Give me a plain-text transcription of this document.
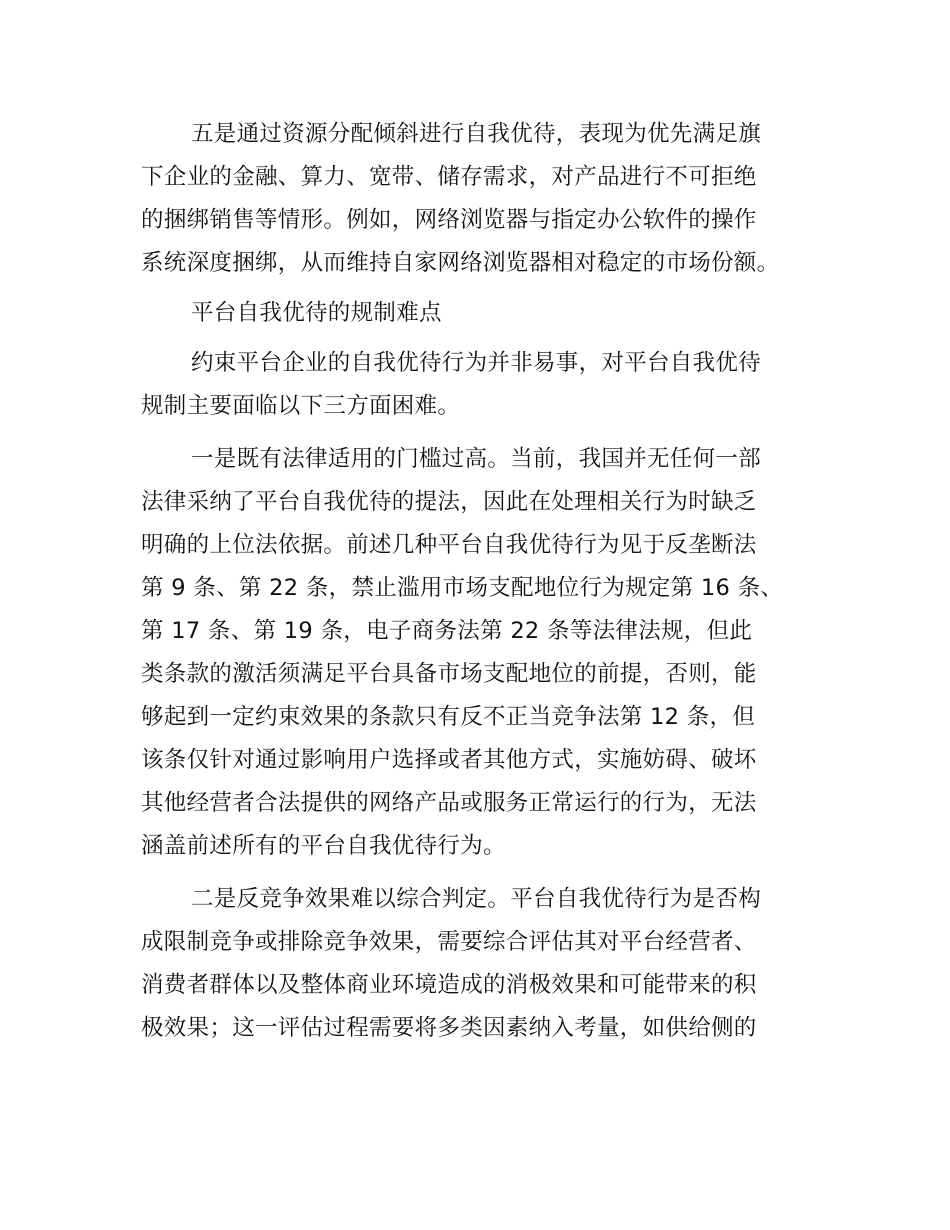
五是通过资源分配倾斜进行自我优待，表现为优先满足旗
下企业的金融、算力、宽带、储存需求，对产品进行不可拒绝
的捆绑销售等情形。例如，网络浏览器与指定办公软件的操作
系统深度捆绑，从而维持自家网络浏览器相对稳定的市场份额。

平台自我优待的规制难点

约束平台企业的自我优待行为并非易事，对平台自我优待
规制主要面临以下三方面困难。

一是既有法律适用的门槛过高。当前，我国并无任何一部
法律采纳了平台自我优待的提法，因此在处理相关行为时缺乏
明确的上位法依据。前述几种平台自我优待行为见于反垄断法
第 9 条、第 22 条，禁止滥用市场支配地位行为规定第 16 条、
第 17 条、第 19 条，电子商务法第 22 条等法律法规，但此
类条款的激活须满足平台具备市场支配地位的前提，否则，能
够起到一定约束效果的条款只有反不正当竞争法第 12 条，但
该条仅针对通过影响用户选择或者其他方式，实施妨碍、破坏
其他经营者合法提供的网络产品或服务正常运行的行为，无法
涵盖前述所有的平台自我优待行为。

二是反竞争效果难以综合判定。平台自我优待行为是否构
成限制竞争或排除竞争效果，需要综合评估其对平台经营者、
消费者群体以及整体商业环境造成的消极效果和可能带来的积
极效果；这一评估过程需要将多类因素纳入考量，如供给侧的
